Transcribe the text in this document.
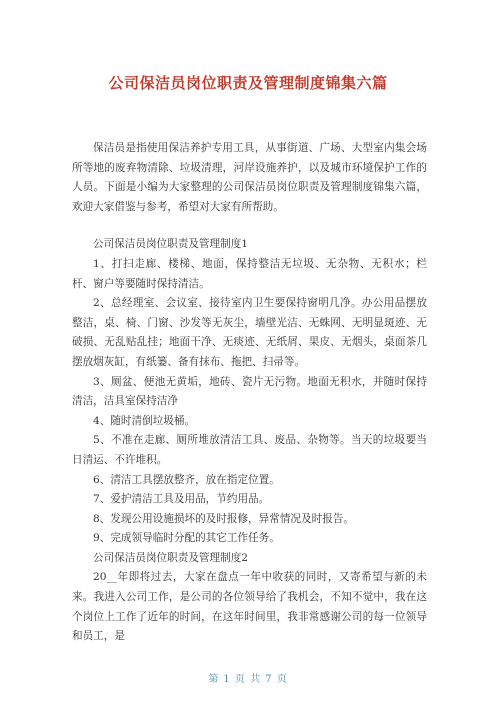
公司保洁员岗位职责及管理制度锦集六篇

保洁员是指使用保洁养护专用工具，从事街道、广场、大型室内集会场所等地的废弃物清除、垃圾清理，河岸设施养护，以及城市环境保护工作的人员。下面是小编为大家整理的公司保洁员岗位职责及管理制度锦集六篇，欢迎大家借鉴与参考，希望对大家有所帮助。

公司保洁员岗位职责及管理制度1

1、打扫走廊、楼梯、地面，保持整洁无垃圾、无杂物、无积水；栏杆、窗户等要随时保持清洁。

2、总经理室、会议室、接待室内卫生要保持窗明几净。办公用品摆放整洁，桌、椅、门窗、沙发等无灰尘，墙壁光洁、无蛛网、无明显斑迹、无破损、无乱贴乱挂；地面干净、无痰迹、无纸屑、果皮、无烟头，桌面茶几摆放烟灰缸，有纸篓、备有抹布、拖把、扫帚等。

3、厕盆、便池无黄垢，地砖、瓷片无污物。地面无积水，并随时保持清洁，洁具室保持洁净

4、随时清倒垃圾桶。

5、不准在走廊、厕所堆放清洁工具、废品、杂物等。当天的垃圾要当日清运、不许堆积。

6、清洁工具摆放整齐，放在指定位置。

7、爱护清洁工具及用品，节约用品。

8、发现公用设施损坏的及时报修，异常情况及时报告。

9、完成领导临时分配的其它工作任务。

公司保洁员岗位职责及管理制度2

20__年即将过去，大家在盘点一年中收获的同时，又寄希望与新的未来。我进入公司工作，是公司的各位领导给了我机会，不知不觉中，我在这个岗位上工作了近年的时间，在这年时间里，我非常感谢公司的每一位领导和员工，是

第 1 页 共 7 页
